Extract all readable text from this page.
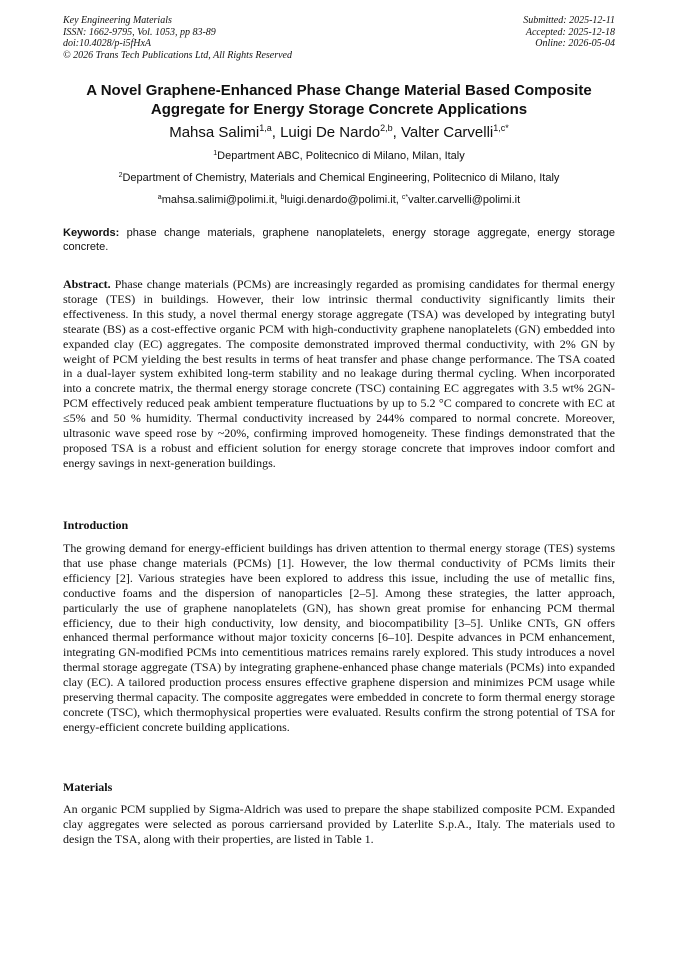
Key Engineering Materials
ISSN: 1662-9795, Vol. 1053, pp 83-89
doi:10.4028/p-i5fHxA
© 2026 Trans Tech Publications Ltd, All Rights Reserved
Submitted: 2025-12-11
Accepted: 2025-12-18
Online: 2026-05-04
A Novel Graphene-Enhanced Phase Change Material Based Composite
Aggregate for Energy Storage Concrete Applications
Mahsa Salimi$^{1,a}$, Luigi De Nardo$^{2,b}$, Valter Carvelli$^{1,c*}$
$^1$Department ABC, Politecnico di Milano, Milan, Italy
$^2$Department of Chemistry, Materials and Chemical Engineering, Politecnico di Milano, Italy
$^a$mahsa.salimi@polimi.it, $^b$luigi.denardo@polimi.it, $^{c*}$valter.carvelli@polimi.it
Keywords: phase change materials, graphene nanoplatelets, energy storage aggregate, energy storage concrete.
Abstract. Phase change materials (PCMs) are increasingly regarded as promising candidates for thermal energy storage (TES) in buildings. However, their low intrinsic thermal conductivity significantly limits their effectiveness. In this study, a novel thermal energy storage aggregate (TSA) was developed by integrating butyl stearate (BS) as a cost-effective organic PCM with high-conductivity graphene nanoplatelets (GN) embedded into expanded clay (EC) aggregates. The composite demonstrated improved thermal conductivity, with 2% GN by weight of PCM yielding the best results in terms of heat transfer and phase change performance. The TSA coated in a dual-layer system exhibited long-term stability and no leakage during thermal cycling. When incorporated into a concrete matrix, the thermal energy storage concrete (TSC) containing EC aggregates with 3.5 wt% 2GN-PCM effectively reduced peak ambient temperature fluctuations by up to 5.2 °C compared to concrete with EC at ≤5% and 50 % humidity. Thermal conductivity increased by 244% compared to normal concrete. Moreover, ultrasonic wave speed rose by ~20%, confirming improved homogeneity. These findings demonstrated that the proposed TSA is a robust and efficient solution for energy storage concrete that improves indoor comfort and energy savings in next-generation buildings.
Introduction
The growing demand for energy-efficient buildings has driven attention to thermal energy storage (TES) systems that use phase change materials (PCMs) [1]. However, the low thermal conductivity of PCMs limits their efficiency [2]. Various strategies have been explored to address this issue, including the use of metallic fins, conductive foams and the dispersion of nanoparticles [2–5]. Among these strategies, the latter approach, particularly the use of graphene nanoplatelets (GN), has shown great promise for enhancing PCM thermal efficiency, due to their high conductivity, low density, and biocompatibility [3–5]. Unlike CNTs, GN offers enhanced thermal performance without major toxicity concerns [6–10]. Despite advances in PCM enhancement, integrating GN-modified PCMs into cementitious matrices remains rarely explored. This study introduces a novel thermal storage aggregate (TSA) by integrating graphene-enhanced phase change materials (PCMs) into expanded clay (EC). A tailored production process ensures effective graphene dispersion and minimizes PCM usage while preserving thermal capacity. The composite aggregates were embedded in concrete to form thermal energy storage concrete (TSC), which thermophysical properties were evaluated. Results confirm the strong potential of TSA for energy-efficient concrete building applications.
Materials
An organic PCM supplied by Sigma-Aldrich was used to prepare the shape stabilized composite PCM. Expanded clay aggregates were selected as porous carriersand provided by Laterlite S.p.A., Italy. The materials used to design the TSA, along with their properties, are listed in Table 1.
